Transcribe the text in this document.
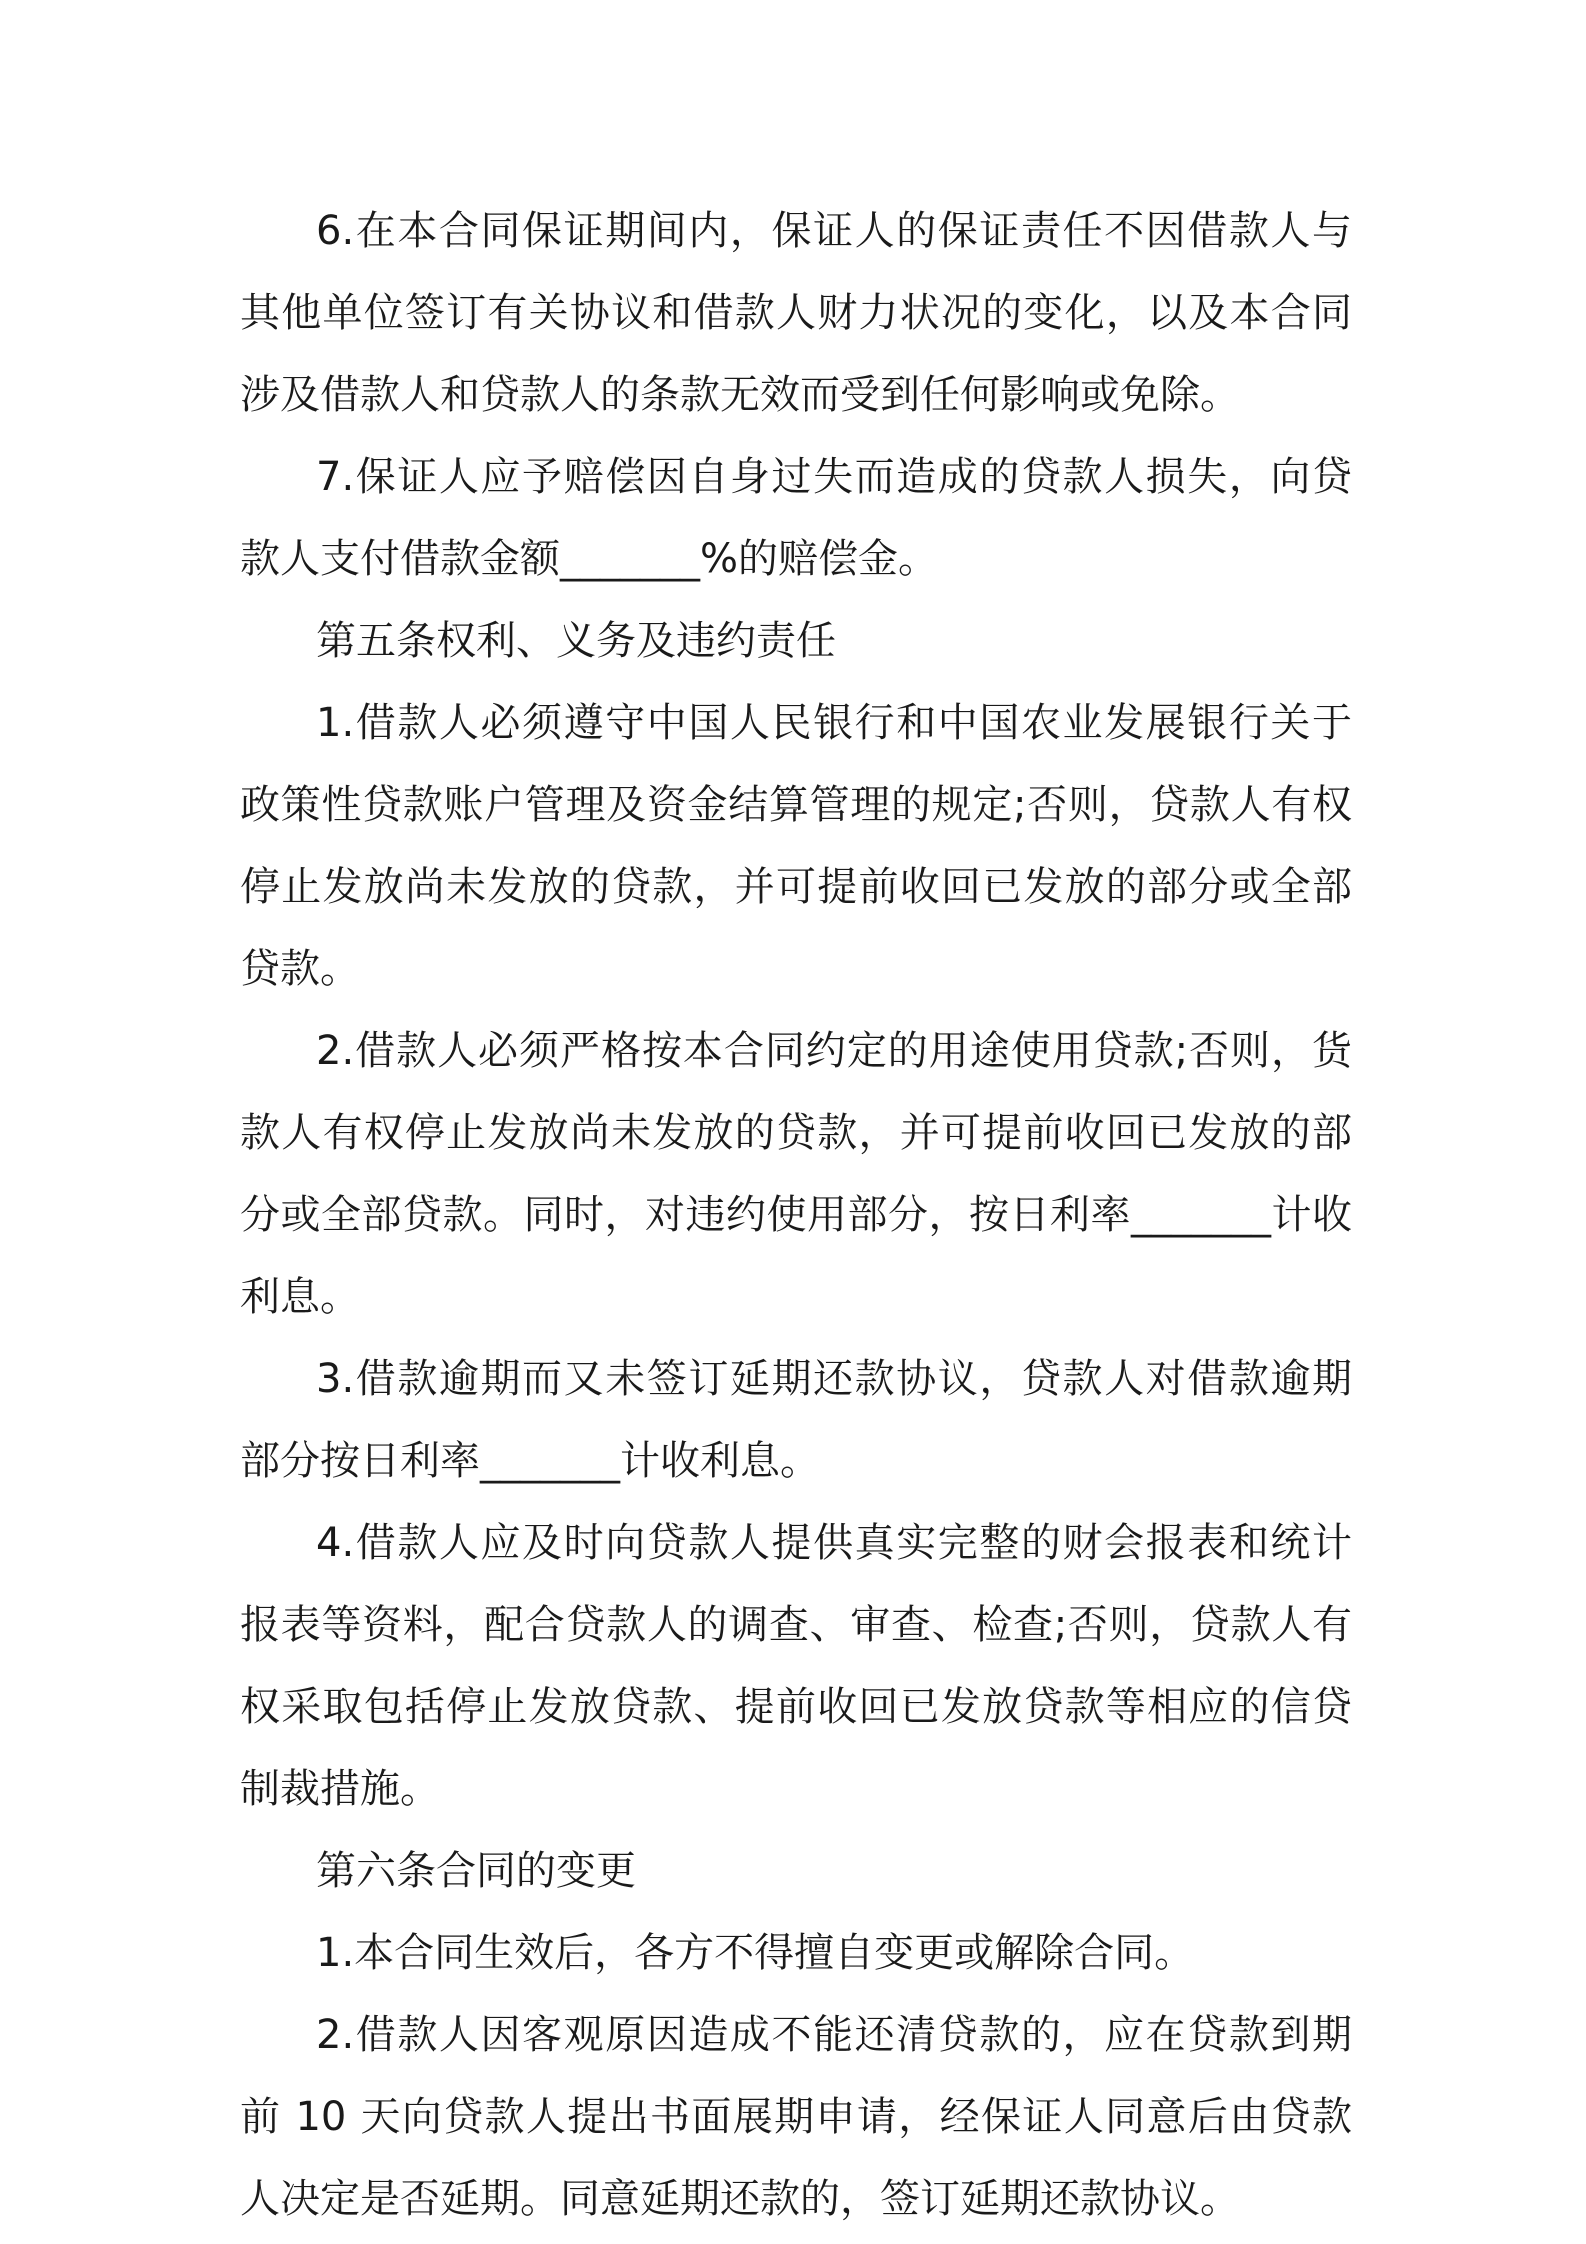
6.在本合同保证期间内，保证人的保证责任不因借款人与其他单位签订有关协议和借款人财力状况的变化，以及本合同涉及借款人和贷款人的条款无效而受到任何影响或免除。

7.保证人应予赔偿因自身过失而造成的贷款人损失，向贷款人支付借款金额_______%的赔偿金。

第五条权利、义务及违约责任

1.借款人必须遵守中国人民银行和中国农业发展银行关于政策性贷款账户管理及资金结算管理的规定;否则，贷款人有权停止发放尚未发放的贷款，并可提前收回已发放的部分或全部贷款。

2.借款人必须严格按本合同约定的用途使用贷款;否则，货款人有权停止发放尚未发放的贷款，并可提前收回已发放的部分或全部贷款。同时，对违约使用部分，按日利率_______计收利息。

3.借款逾期而又未签订延期还款协议，贷款人对借款逾期部分按日利率_______计收利息。

4.借款人应及时向贷款人提供真实完整的财会报表和统计报表等资料，配合贷款人的调查、审查、检查;否则，贷款人有权采取包括停止发放贷款、提前收回已发放贷款等相应的信贷制裁措施。

第六条合同的变更

1.本合同生效后，各方不得擅自变更或解除合同。

2.借款人因客观原因造成不能还清贷款的，应在贷款到期前 10 天向贷款人提出书面展期申请，经保证人同意后由贷款人决定是否延期。同意延期还款的，签订延期还款协议。
